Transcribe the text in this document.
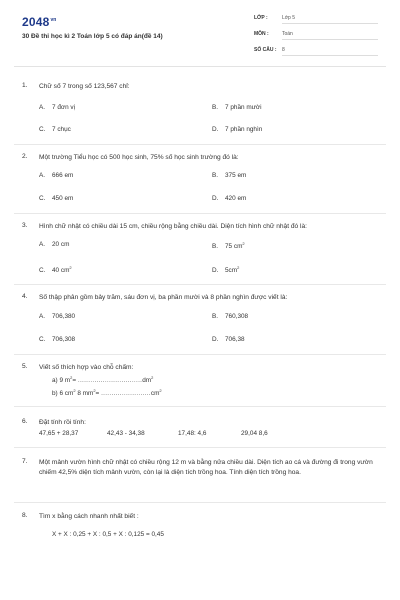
$2048^{vn}$
30 Đề thi học kì 2 Toán lớp 5 có đáp án(đề 14)
LỚP :	Lớp 5
MÔN :	Toán
SỐ CÂU : 8
1. Chữ số 7 trong số 123,567 chỉ:
A. 7 đơn vị	B. 7 phần mười
C. 7 chục	D. 7 phần nghìn
2. Một trường Tiểu học có 500 học sinh, 75% số học sinh trường đó là:
A. 666 em	B. 375 em
C. 450 em	D. 420 em
3. Hình chữ nhật có chiều dài 15 cm, chiều rộng bằng chiều dài. Diện tích hình chữ nhật đó là:
A. 20 cm	B. 75 $cm^2$
C. 40 $cm^2$	D. $5cm^2$
4. Số thập phân gồm bảy trăm, sáu đơn vị, ba phần mười và 8 phần nghìn được viết là:
A. 706,380	B. 760,308
C. 706,308	D. 706,38
5. Viết số thích hợp vào chỗ chấm:
a) 9 $m^2= ...............................dm^2$
b) 6 $cm^2$ 8 $mm^2= ........................cm^2$
6. Đặt tính rồi tính:
47,65 + 28,37	42,43 - 34,38	17,48: 4,6	29,04 8,6
7. Một mảnh vườn hình chữ nhật có chiều rộng 12 m và bằng nửa chiều dài. Diện tích ao cá và đường đi trong vườn chiếm 42,5% diện tích mảnh vườn, còn lại là diện tích trồng hoa. Tính diện tích trồng hoa.
8. Tìm x bằng cách nhanh nhất biết :
X + X : 0,25 + X : 0,5 + X : 0,125 = 0,45
